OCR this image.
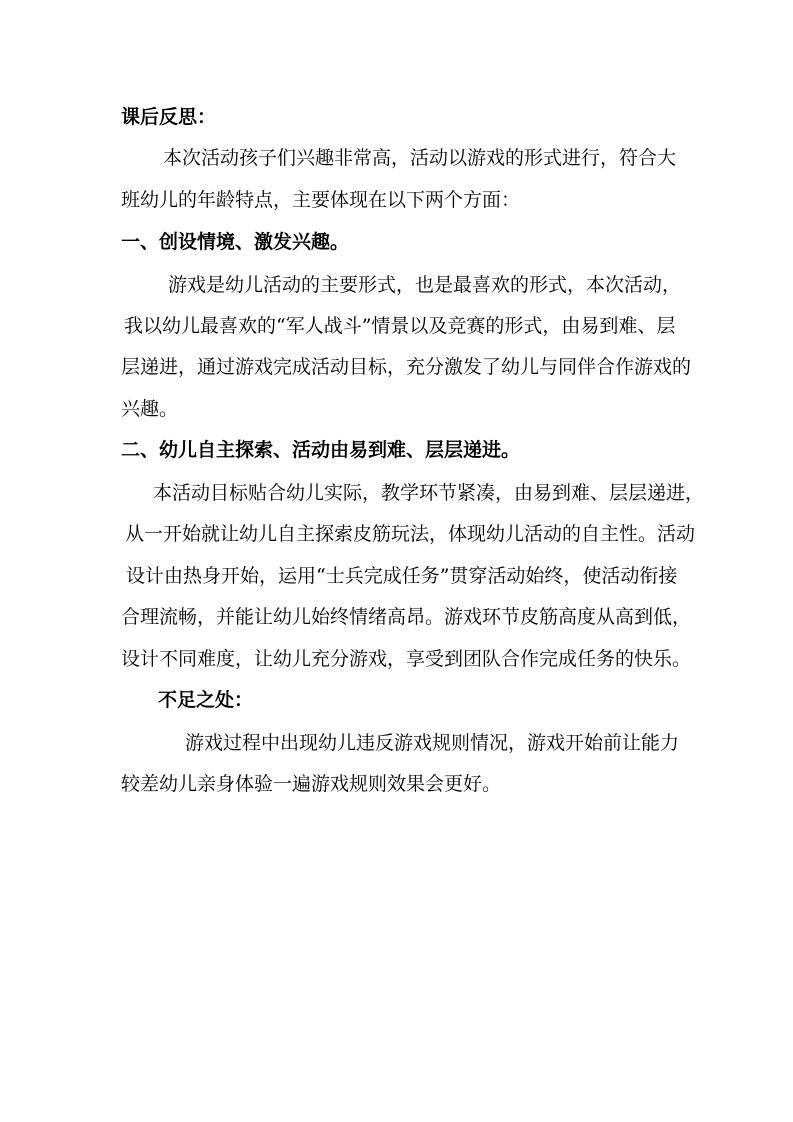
课后反思：
本次活动孩子们兴趣非常高，活动以游戏的形式进行，符合大
班幼儿的年龄特点，主要体现在以下两个方面：
一、创设情境、激发兴趣。
游戏是幼儿活动的主要形式，也是最喜欢的形式，本次活动，
我以幼儿最喜欢的“军人战斗”情景以及竞赛的形式，由易到难、层
层递进，通过游戏完成活动目标，充分激发了幼儿与同伴合作游戏的
兴趣。
二、幼儿自主探索、活动由易到难、层层递进。
本活动目标贴合幼儿实际，教学环节紧凑，由易到难、层层递进，
从一开始就让幼儿自主探索皮筋玩法，体现幼儿活动的自主性。活动
设计由热身开始，运用“士兵完成任务”贯穿活动始终，使活动衔接
合理流畅，并能让幼儿始终情绪高昂。游戏环节皮筋高度从高到低，
设计不同难度，让幼儿充分游戏，享受到团队合作完成任务的快乐。
不足之处：
游戏过程中出现幼儿违反游戏规则情况，游戏开始前让能力
较差幼儿亲身体验一遍游戏规则效果会更好。
